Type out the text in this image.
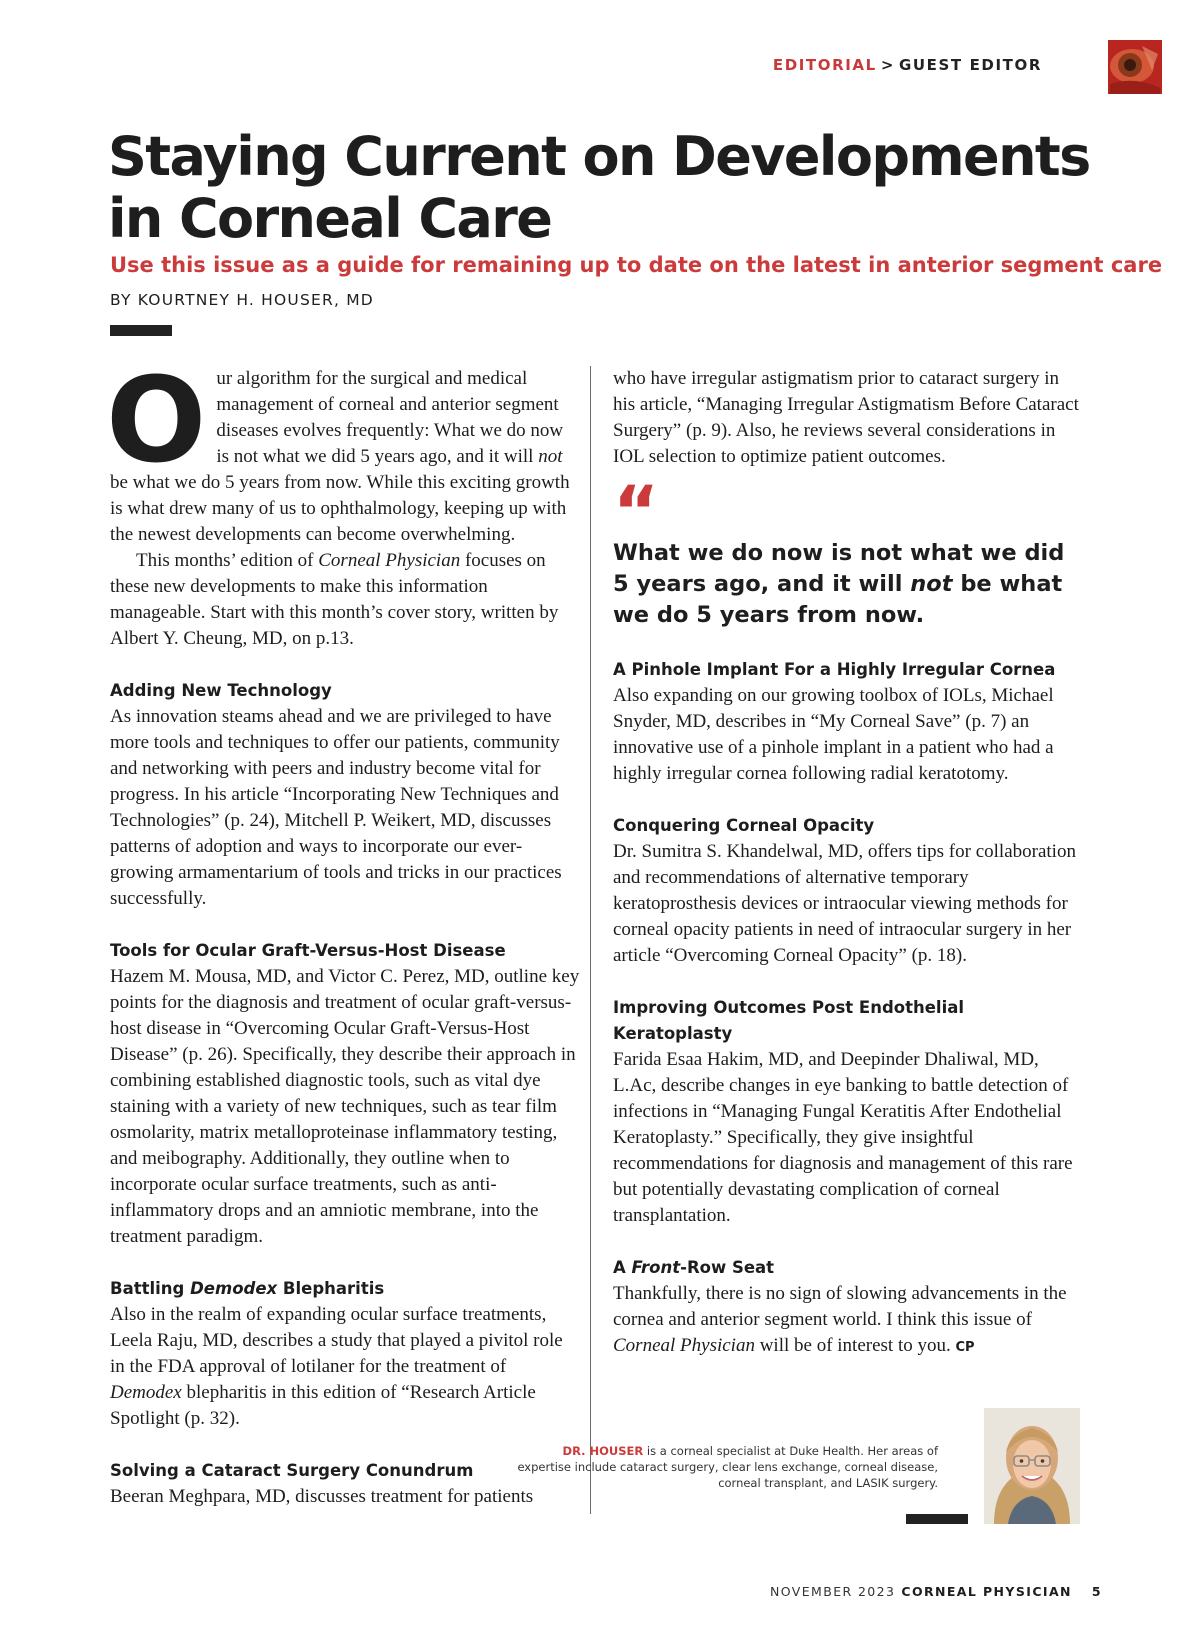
EDITORIAL > GUEST EDITOR
Staying Current on Developments in Corneal Care
Use this issue as a guide for remaining up to date on the latest in anterior segment care
BY KOURTNEY H. HOUSER, MD

Our algorithm for the surgical and medical management of corneal and anterior segment diseases evolves frequently: What we do now is not what we did 5 years ago, and it will not be what we do 5 years from now. While this exciting growth is what drew many of us to ophthalmology, keeping up with the newest developments can become overwhelming.

This months’ edition of Corneal Physician focuses on these new developments to make this information manageable. Start with this month’s cover story, written by Albert Y. Cheung, MD, on p.13.

Adding New Technology

As innovation steams ahead and we are privileged to have more tools and techniques to offer our patients, community and networking with peers and industry become vital for progress. In his article “Incorporating New Techniques and Technologies” (p. 24), Mitchell P. Weikert, MD, discusses patterns of adoption and ways to incorporate our ever-growing armamentarium of tools and tricks in our practices successfully.

Tools for Ocular Graft-Versus-Host Disease

Hazem M. Mousa, MD, and Victor C. Perez, MD, outline key points for the diagnosis and treatment of ocular graft-versus-host disease in “Overcoming Ocular Graft-Versus-Host Disease” (p. 26). Specifically, they describe their approach in combining established diagnostic tools, such as vital dye staining with a variety of new techniques, such as tear film osmolarity, matrix metalloproteinase inflammatory testing, and meibography. Additionally, they outline when to incorporate ocular surface treatments, such as anti-inflammatory drops and an amniotic membrane, into the treatment paradigm.

Battling Demodex Blepharitis

Also in the realm of expanding ocular surface treatments, Leela Raju, MD, describes a study that played a pivitol role in the FDA approval of lotilaner for the treatment of Demodex blepharitis in this edition of “Research Article Spotlight (p. 32).

Solving a Cataract Surgery Conundrum

Beeran Meghpara, MD, discusses treatment for patients

who have irregular astigmatism prior to cataract surgery in his article, “Managing Irregular Astigmatism Before Cataract Surgery” (p. 9). Also, he reviews several considerations in IOL selection to optimize patient outcomes.

“
What we do now is not what we did 5 years ago, and it will not be what we do 5 years from now.
A Pinhole Implant For a Highly Irregular Cornea

Also expanding on our growing toolbox of IOLs, Michael Snyder, MD, describes in “My Corneal Save” (p. 7) an innovative use of a pinhole implant in a patient who had a highly irregular cornea following radial keratotomy.

Conquering Corneal Opacity

Dr. Sumitra S. Khandelwal, MD, offers tips for collaboration and recommendations of alternative temporary keratoprosthesis devices or intraocular viewing methods for corneal opacity patients in need of intraocular surgery in her article “Overcoming Corneal Opacity” (p. 18).

Improving Outcomes Post Endothelial Keratoplasty

Farida Esaa Hakim, MD, and Deepinder Dhaliwal, MD, L.Ac, describe changes in eye banking to battle detection of infections in “Managing Fungal Keratitis After Endothelial Keratoplasty.” Specifically, they give insightful recommendations for diagnosis and management of this rare but potentially devastating complication of corneal transplantation.

A Front-Row Seat

Thankfully, there is no sign of slowing advancements in the cornea and anterior segment world. I think this issue of Corneal Physician will be of interest to you. CP

DR. HOUSER is a corneal specialist at Duke Health. Her areas of expertise include cataract surgery, clear lens exchange, corneal disease, corneal transplant, and LASIK surgery.
NOVEMBER 2023 CORNEAL PHYSICIAN 5
